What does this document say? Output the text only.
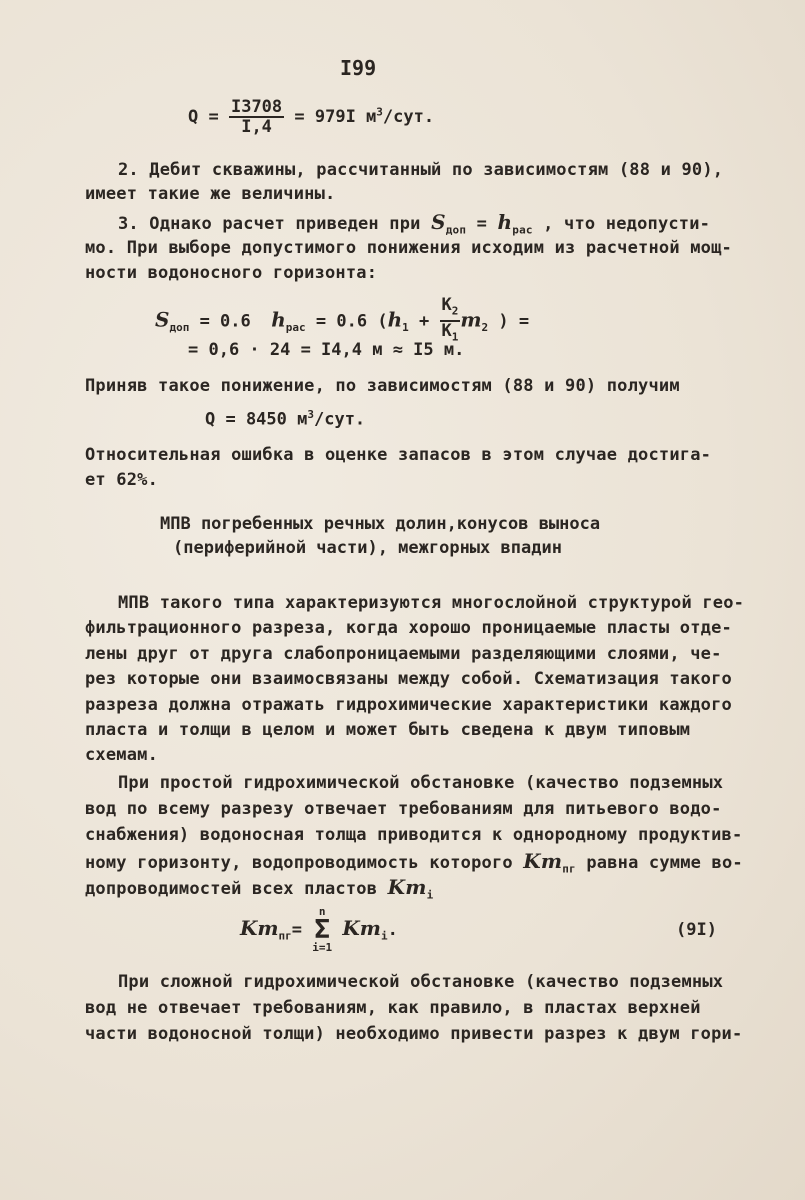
I99
$Q = \frac{I3708}{I,4} = 979I$ $м^3$/сут.
2. Дебит скважины, рассчитанный по зависимостям (88 и 90),
имеет такие же величины.
3. Однако расчет приведен при $S_{доп} = h_{рас}$ , что недопусти-
мо. При выборе допустимого понижения исходим из расчетной мощ-
ности водоносного горизонта:
$S_{доп} = 0.6$ $h_{рас} = 0.6$ ($h_1 + \frac{K_2}{K_1} m_2$ ) =
= 0,6 · 24 = I4,4 м ≈ I5 м.
Приняв такое понижение, по зависимостям (88 и 90) получим
Q = 8450 $м^3$/сут.
Относительная ошибка в оценке запасов в этом случае достига-
ет 62%.
МПВ погребенных речных долин,конусов выноса
(периферийной части), межгорных впадин
МПВ такого типа характеризуются многослойной структурой гео-
фильтрационного разреза, когда хорошо проницаемые пласты отде-
лены друг от друга слабопроницаемыми разделяющими слоями, че-
рез которые они взаимосвязаны между собой. Схематизация такого
разреза должна отражать гидрохимические характеристики каждого
пласта и толщи в целом и может быть сведена к двум типовым
схемам.
При простой гидрохимической обстановке (качество подземных
вод по всему разрезу отвечает требованиям для питьевого водо-
снабжения) водоносная толща приводится к однородному продуктив-
ному горизонту, водопроводимость которого $Km_{пг}$ равна сумме во-
допроводимостей всех пластов $Km_i$
$Km_{пг}=$
n
Σ
i=1
$Km_i$.	(9I)
При сложной гидрохимической обстановке (качество подземных
вод не отвечает требованиям, как правило, в пластах верхней
части водоносной толщи) необходимо привести разрез к двум гори-
